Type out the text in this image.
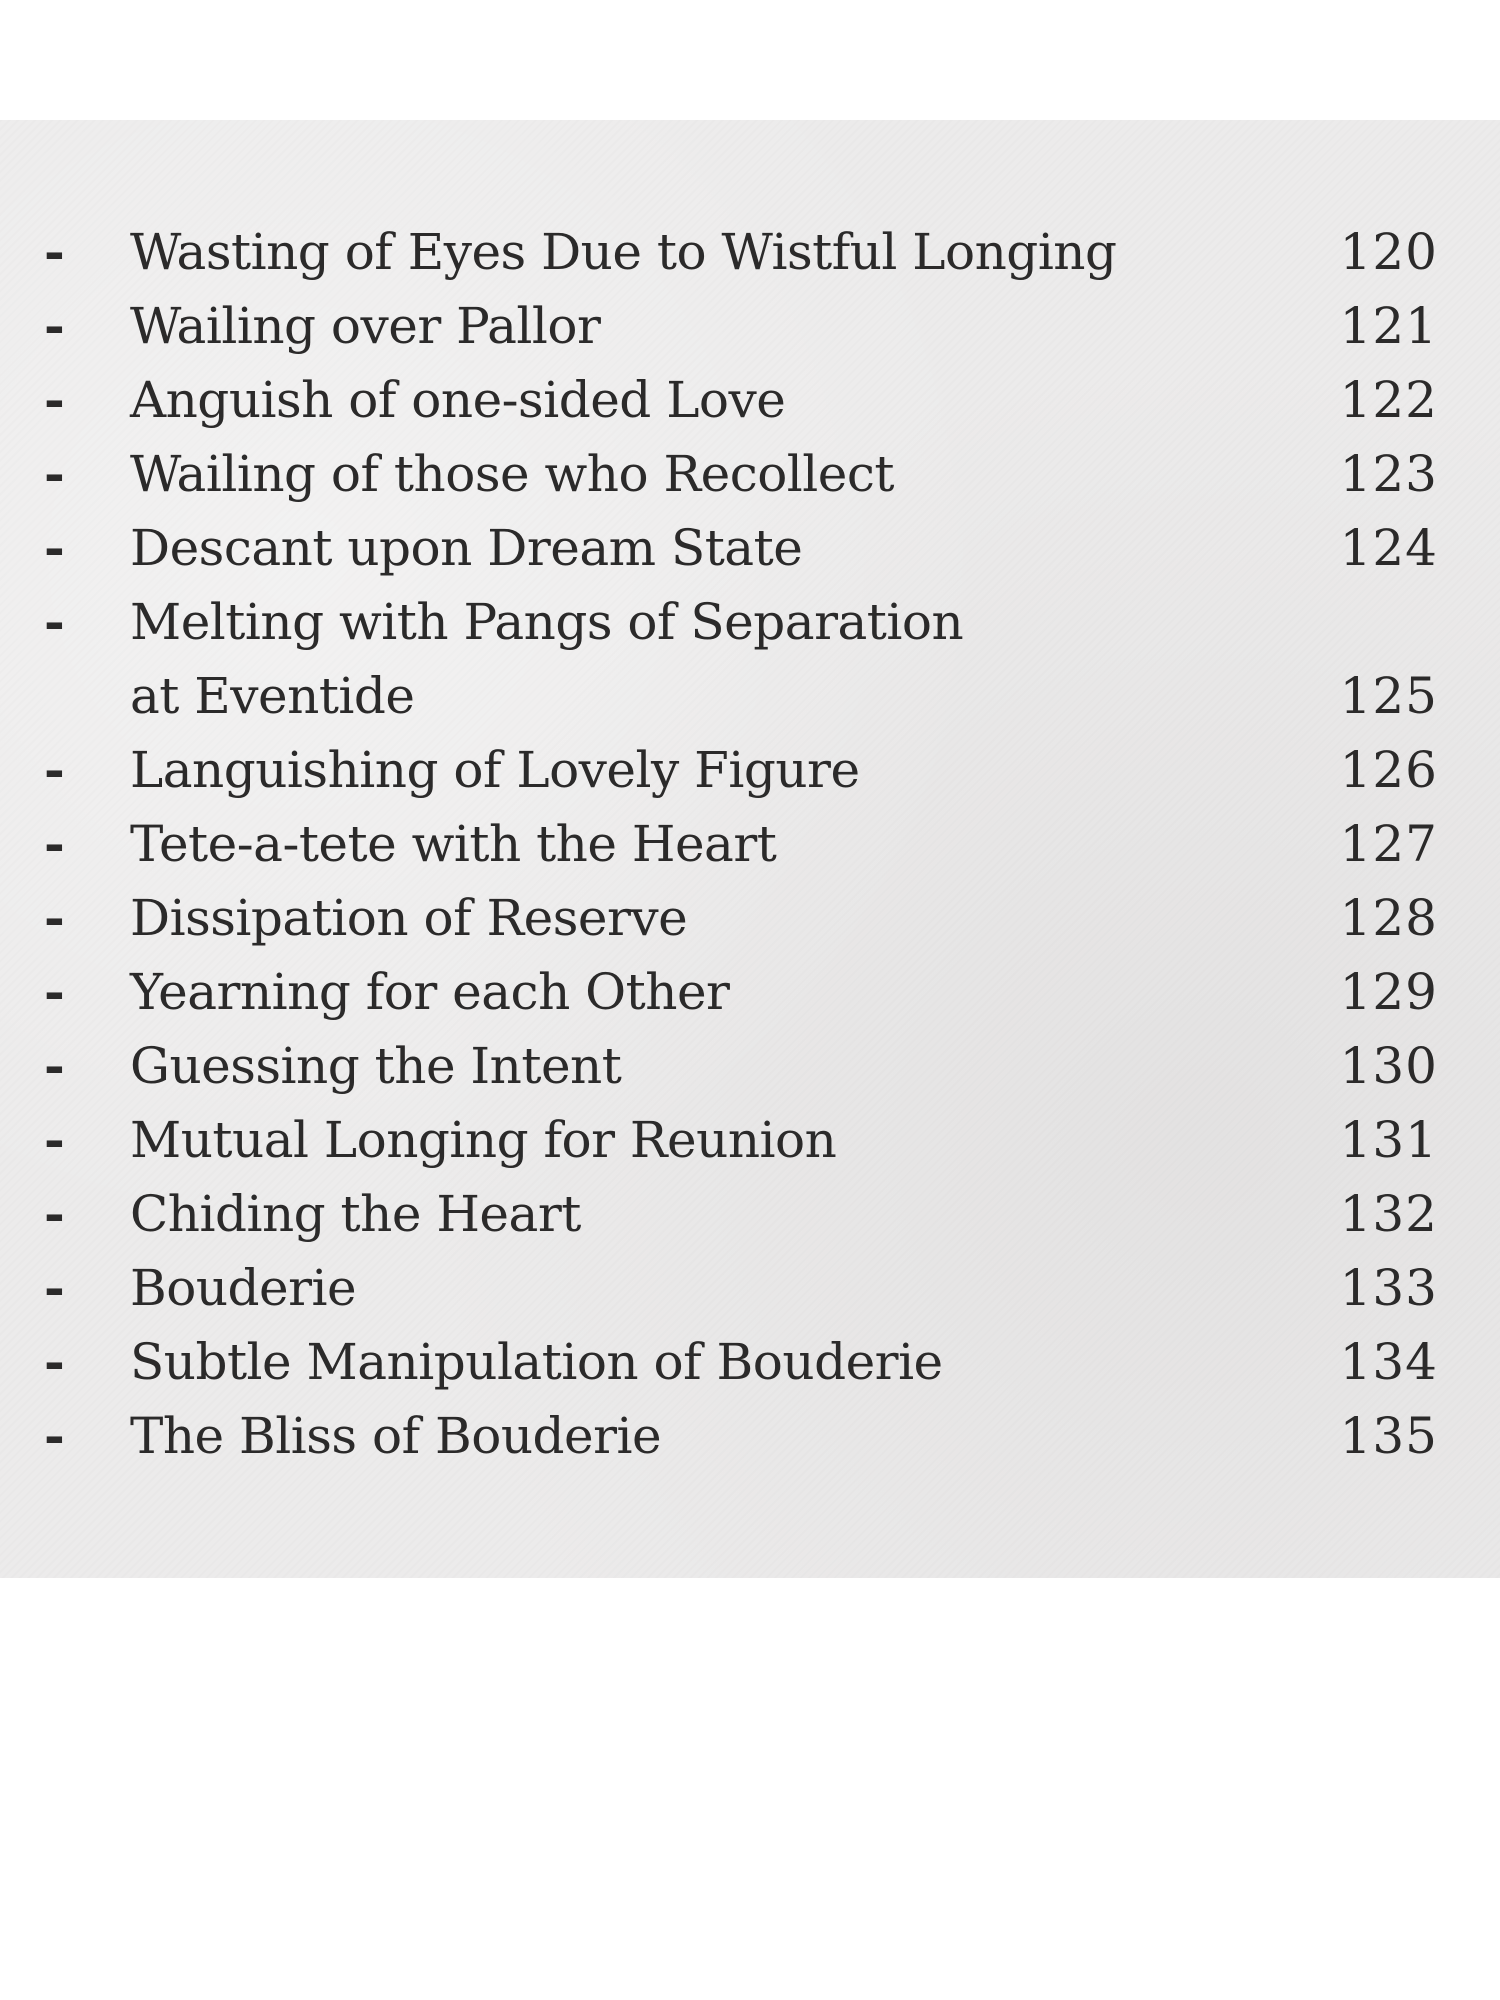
-	Wasting of Eyes Due to Wistful Longing	120
-	Wailing over Pallor	121
-	Anguish of one-sided Love	122
-	Wailing of those who Recollect	123
-	Descant upon Dream State	124
-	Melting with Pangs of Separation
at Eventide	125
-	Languishing of Lovely Figure	126
-	Tete-a-tete with the Heart	127
-	Dissipation of Reserve	128
-	Yearning for each Other	129
-	Guessing the Intent	130
-	Mutual Longing for Reunion	131
-	Chiding the Heart	132
-	Bouderie	133
-	Subtle Manipulation of Bouderie	134
-	The Bliss of Bouderie	135
